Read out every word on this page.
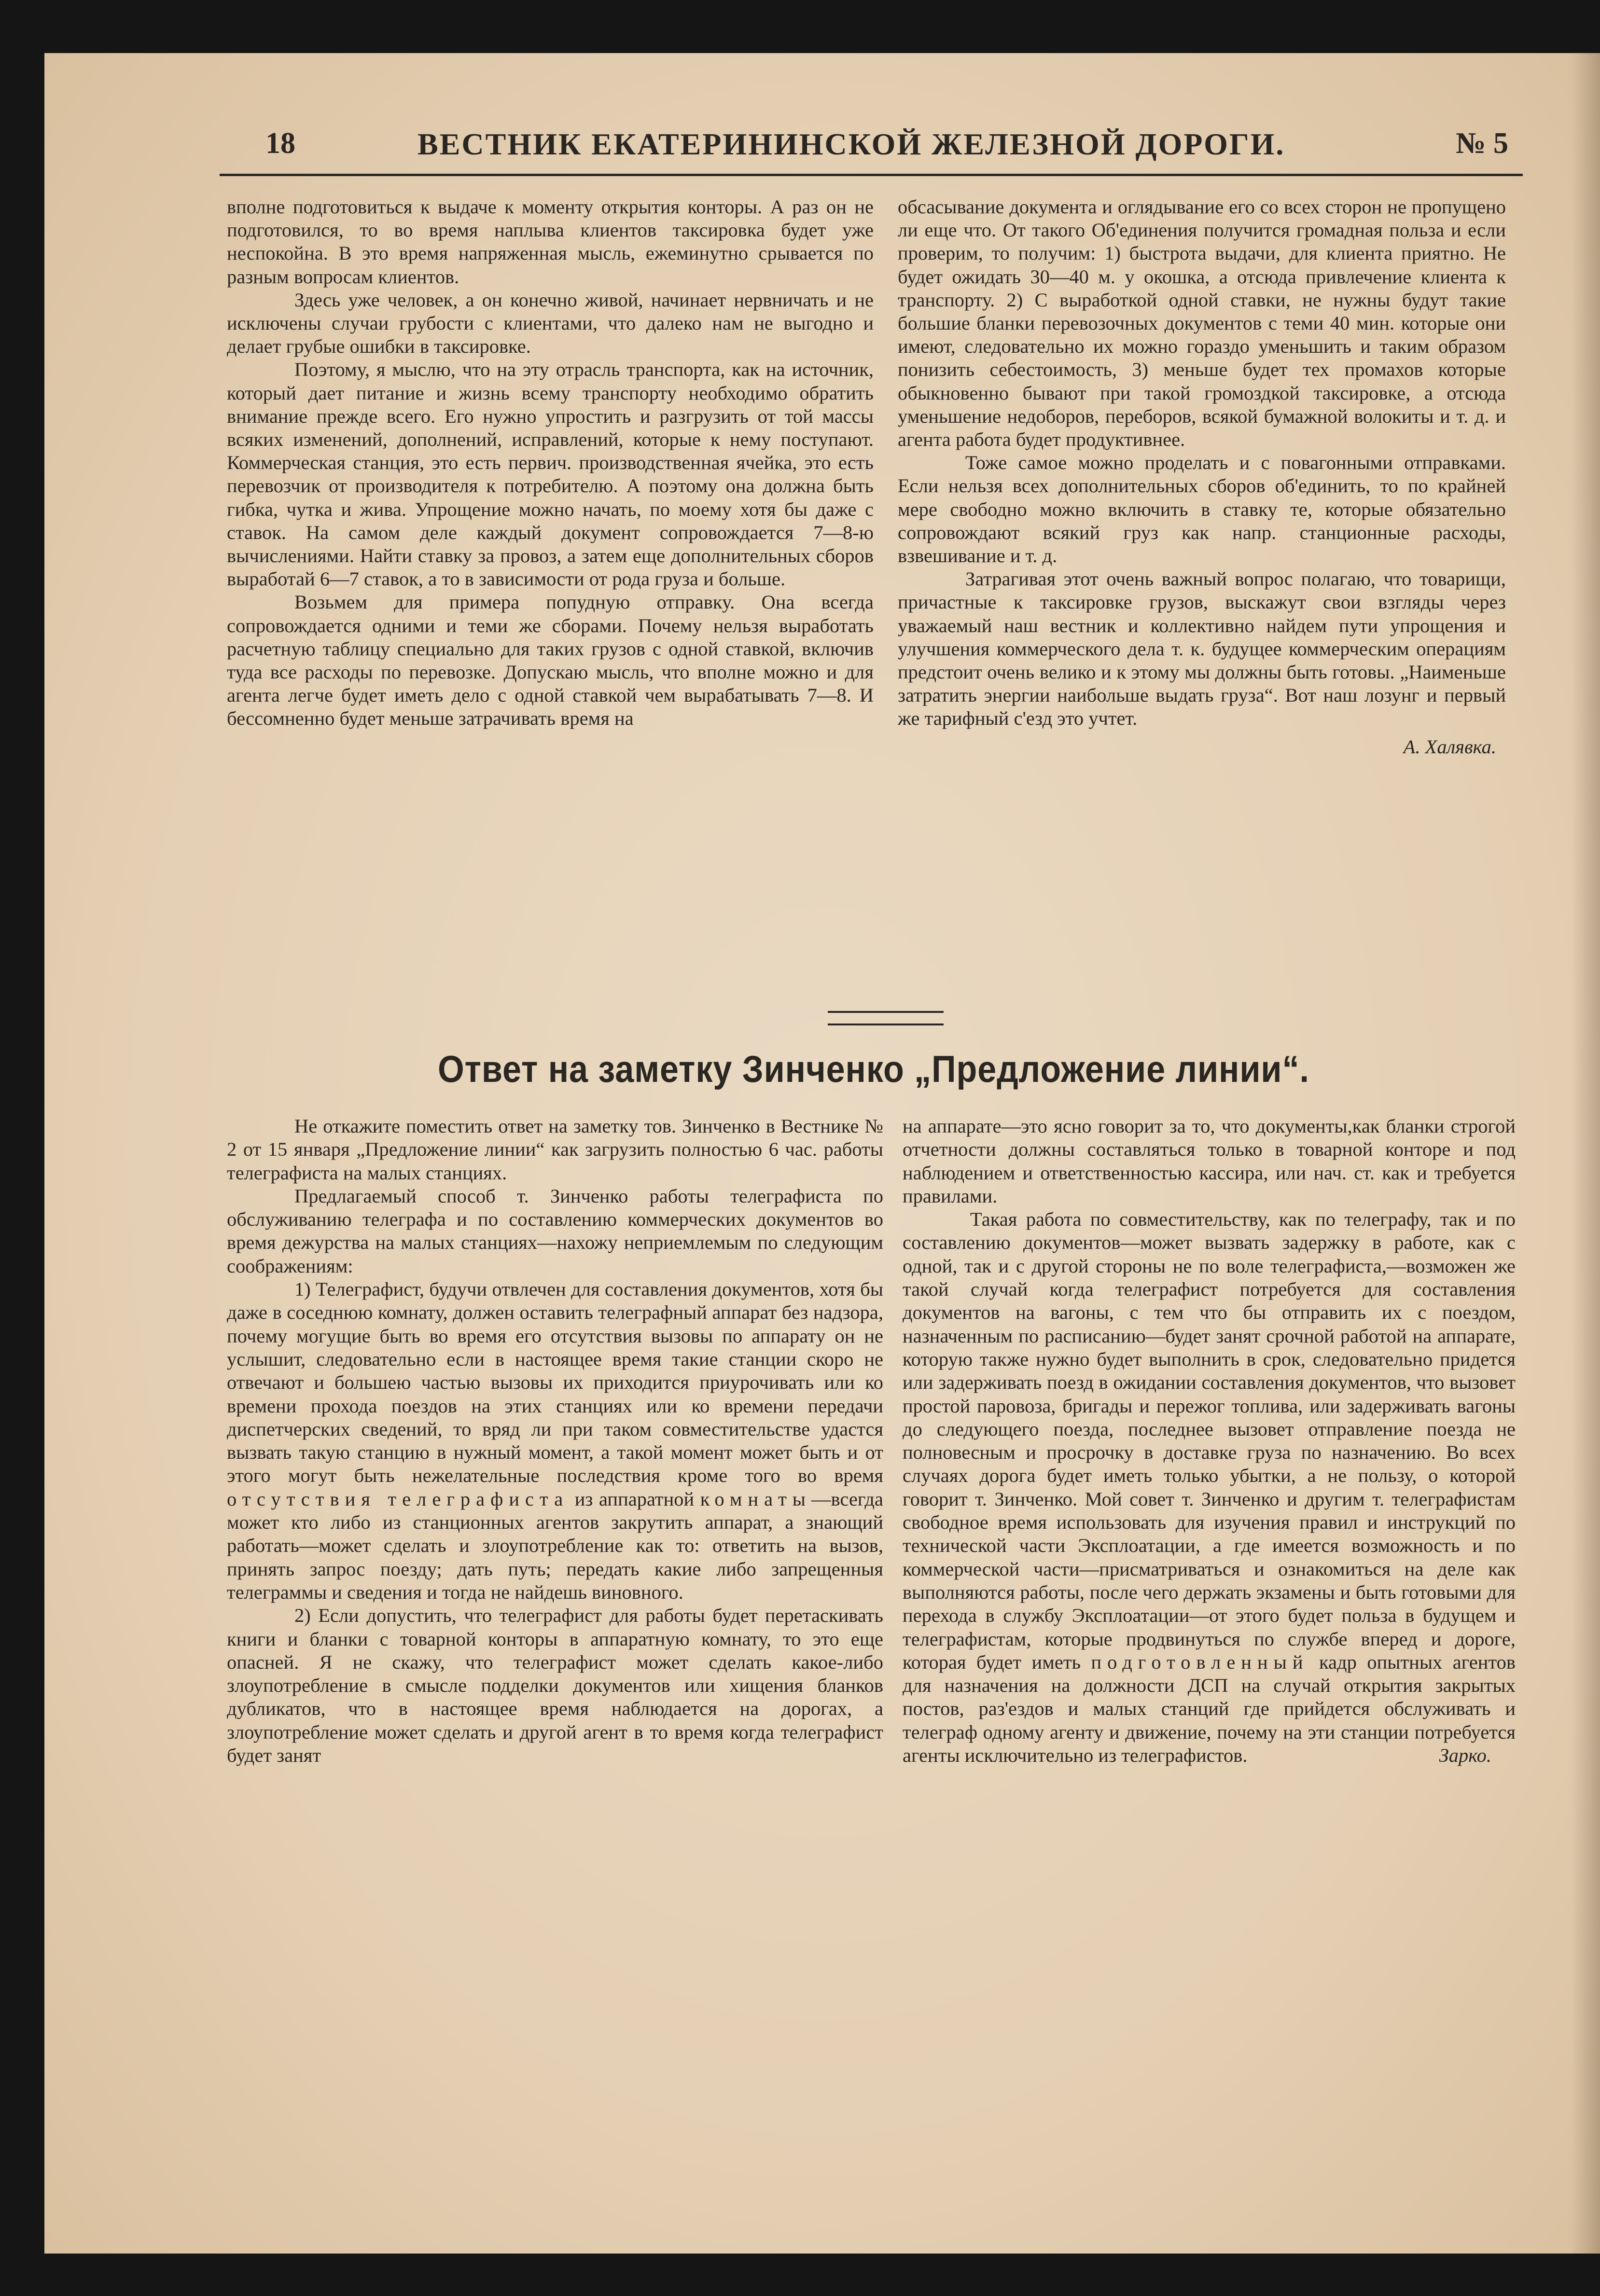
18	ВЕСТНИК ЕКАТЕРИНИНСКОЙ ЖЕЛЕЗНОЙ ДОРОГИ.	№ 5

вполне подготовиться к выдаче к моменту открытия конторы. А раз он не подготовился, то во время наплыва клиентов таксировка будет уже неспокойна. В это время напряженная мысль, ежеминутно срывается по разным вопросам клиентов.

Здесь уже человек, а он конечно живой, начинает нервничать и не исключены случаи грубости с клиентами, что далеко нам не выгодно и делает грубые ошибки в таксировке.

Поэтому, я мыслю, что на эту отрасль транспорта, как на источник, который дает питание и жизнь всему транспорту необходимо обратить внимание прежде всего. Его нужно упростить и разгрузить от той массы всяких изменений, дополнений, исправлений, которые к нему поступают. Коммерческая станция, это есть первич. производственная ячейка, это есть перевозчик от производителя к потребителю. А поэтому она должна быть гибка, чутка и жива. Упрощение можно начать, по моему хотя бы даже с ставок. На самом деле каждый документ сопровождается 7—8-ю вычислениями. Найти ставку за провоз, а затем еще дополнительных сборов выработай 6—7 ставок, а то в зависимости от рода груза и больше.

Возьмем для примера попудную отправку. Она всегда сопровождается одними и теми же сборами. Почему нельзя выработать расчетную таблицу специально для таких грузов с одной ставкой, включив туда все расходы по перевозке. Допускаю мысль, что вполне можно и для агента легче будет иметь дело с одной ставкой чем вырабатывать 7—8. И бессомненно будет меньше затрачивать время на

обсасывание документа и оглядывание его со всех сторон не пропущено ли еще что. От такого Об'единения получится громадная польза и если проверим, то получим: 1) быстрота выдачи, для клиента приятно. Не будет ожидать 30—40 м. у окошка, а отсюда привлечение клиента к транспорту. 2) С выработкой одной ставки, не нужны будут такие большие бланки перевозочных документов с теми 40 мин. которые они имеют, следовательно их можно гораздо уменьшить и таким образом понизить себестоимость, 3) меньше будет тех промахов которые обыкновенно бывают при такой громоздкой таксировке, а отсюда уменьшение недоборов, переборов, всякой бумажной волокиты и т. д. и агента работа будет продуктивнее.

Тоже самое можно проделать и с повагонными отправками. Если нельзя всех дополнительных сборов об'единить, то по крайней мере свободно можно включить в ставку те, которые обязательно сопровождают всякий груз как напр. станционные расходы, взвешивание и т. д.

Затрагивая этот очень важный вопрос полагаю, что товарищи, причастные к таксировке грузов, выскажут свои взгляды через уважаемый наш вестник и коллективно найдем пути упрощения и улучшения коммерческого дела т. к. будущее коммерческим операциям предстоит очень велико и к этому мы должны быть готовы. „Наименьше затратить энергии наибольше выдать груза“. Вот наш лозунг и первый же тарифный с'езд это учтет.

А. Халявка.
Ответ на заметку Зинченко „Предложение линии“.

Не откажите поместить ответ на заметку тов. Зинченко в Вестнике № 2 от 15 января „Предложение линии“ как загрузить полностью 6 час. работы телеграфиста на малых станциях.

Предлагаемый способ т. Зинченко работы телеграфиста по обслуживанию телеграфа и по составлению коммерческих документов во время дежурства на малых станциях—нахожу неприемлемым по следующим соображениям:

1) Телеграфист, будучи отвлечен для составления документов, хотя бы даже в соседнюю комнату, должен оставить телеграфный аппарат без надзора, почему могущие быть во время его отсутствия вызовы по аппарату он не услышит, следовательно если в настоящее время такие станции скоро не отвечают и большею частью вызовы их приходится приурочивать или ко времени прохода поездов на этих станциях или ко времени передачи диспетчерских сведений, то вряд ли при таком совместительстве удастся вызвать такую станцию в нужный момент, а такой момент может быть и от этого могут быть нежелательные последствия кроме того во время отсутствия телеграфиста из аппаратной комнаты—всегда может кто либо из станционных агентов закрутить аппарат, а знающий работать—может сделать и злоупотребление как то: ответить на вызов, принять запрос поезду; дать путь; передать какие либо запрещенныя телеграммы и сведения и тогда не найдешь виновного.

2) Если допустить, что телеграфист для работы будет перетаскивать книги и бланки с товарной конторы в аппаратную комнату, то это еще опасней. Я не скажу, что телеграфист может сделать какое-либо злоупотребление в смысле подделки документов или хищения бланков дубликатов, что в настоящее время наблюдается на дорогах, а злоупотребление может сделать и другой агент в то время когда телеграфист будет занят

на аппарате—это ясно говорит за то, что документы,как бланки строгой отчетности должны составляться только в товарной конторе и под наблюдением и ответственностью кассира, или нач. ст. как и требуется правилами.

Такая работа по совместительству, как по телеграфу, так и по составлению документов—может вызвать задержку в работе, как с одной, так и с другой стороны не по воле телеграфиста,—возможен же такой случай когда телеграфист потребуется для составления документов на вагоны, с тем что бы отправить их с поездом, назначенным по расписанию—будет занят срочной работой на аппарате, которую также нужно будет выполнить в срок, следовательно придется или задерживать поезд в ожидании составления документов, что вызовет простой паровоза, бригады и пережог топлива, или задерживать вагоны до следующего поезда, последнее вызовет отправление поезда не полновесным и просрочку в доставке груза по назначению. Во всех случаях дорога будет иметь только убытки, а не пользу, о которой говорит т. Зинченко. Мой совет т. Зинченко и другим т. телеграфистам свободное время использовать для изучения правил и инструкций по технической части Эксплоатации, а где имеется возможность и по коммерческой части—присматриваться и ознакомиться на деле как выполняются работы, после чего держать экзамены и быть готовыми для перехода в службу Эксплоатации—от этого будет польза в будущем и телеграфистам, которые продвинуться по службе вперед и дороге, которая будет иметь подготовленный кадр опытных агентов для назначения на должности ДСП на случай открытия закрытых постов, раз'ездов и малых станций где прийдется обслуживать и телеграф одному агенту и движение, почему на эти станции потребуется агенты исключительно из телеграфистов.	Зарко.
